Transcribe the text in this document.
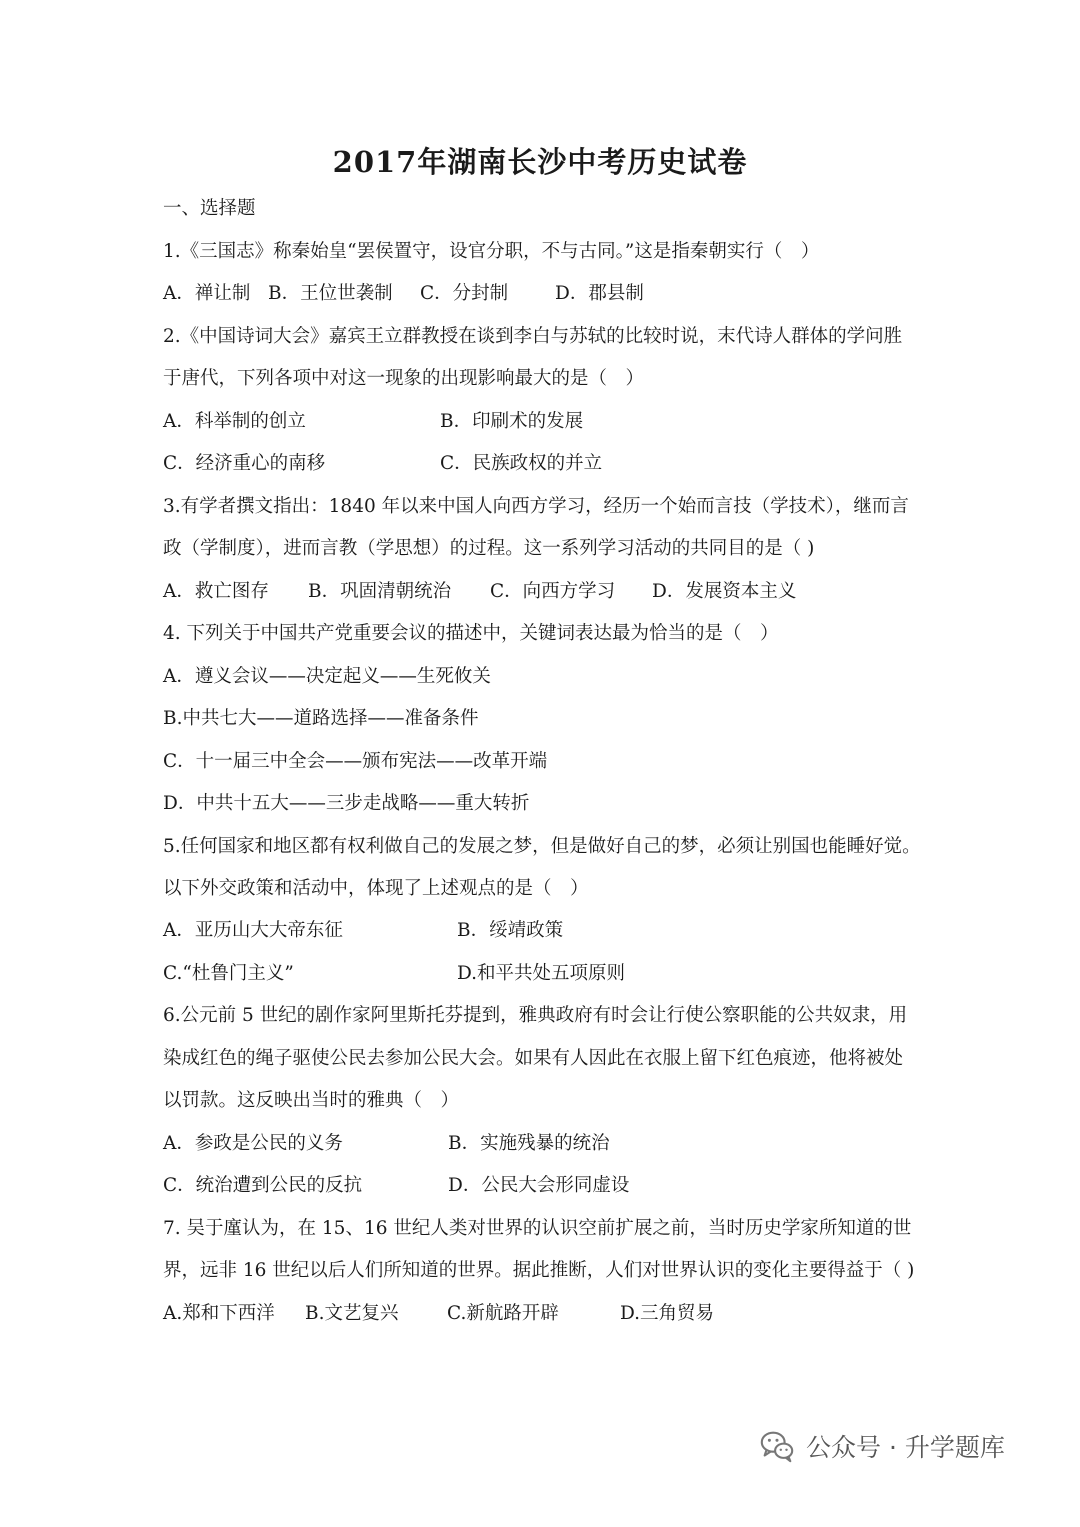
2017年湖南长沙中考历史试卷
一、选择题
1.《三国志》称秦始皇“罢侯置守，设官分职，不与古同。”这是指秦朝实行（　）
A．禅让制 B．王位世袭制 C．分封制	D．郡县制
2.《中国诗词大会》嘉宾王立群教授在谈到李白与苏轼的比较时说，末代诗人群体的学问胜
于唐代，下列各项中对这一现象的出现影响最大的是（　）
A．科举制的创立	B．印刷术的发展
C．经济重心的南移	C．民族政权的并立
3.有学者撰文指出：1840 年以来中国人向西方学习，经历一个始而言技（学技术），继而言
政（学制度），进而言教（学思想）的过程。这一系列学习活动的共同目的是（ )
A．救亡图存 B．巩固清朝统治 C．向西方学习 D．发展资本主义
4. 下列关于中国共产党重要会议的描述中，关键词表达最为恰当的是（　）
A．遵义会议——决定起义——生死攸关
B.中共七大——道路选择——准备条件
C．十一届三中全会——颁布宪法——改革开端
D．中共十五大——三步走战略——重大转折
5.任何国家和地区都有权利做自己的发展之梦，但是做好自己的梦，必须让别国也能睡好觉。
以下外交政策和活动中，体现了上述观点的是（　）
A．亚历山大大帝东征	B．绥靖政策
C.“杜鲁门主义”	D.和平共处五项原则
6.公元前 5 世纪的剧作家阿里斯托芬提到，雅典政府有时会让行使公察职能的公共奴隶，用
染成红色的绳子驱使公民去参加公民大会。如果有人因此在衣服上留下红色痕迹，他将被处
以罚款。这反映出当时的雅典（　）
A．参政是公民的义务	B．实施残暴的统治
C．统治遭到公民的反抗	D．公民大会形同虚设
7. 吴于廑认为，在 15、16 世纪人类对世界的认识空前扩展之前，当时历史学家所知道的世
界，远非 16 世纪以后人们所知道的世界。据此推断，人们对世界认识的变化主要得益于（ )
A.郑和下西洋 B.文艺复兴	C.新航路开辟	D.三角贸易
公众号 · 升学题库
